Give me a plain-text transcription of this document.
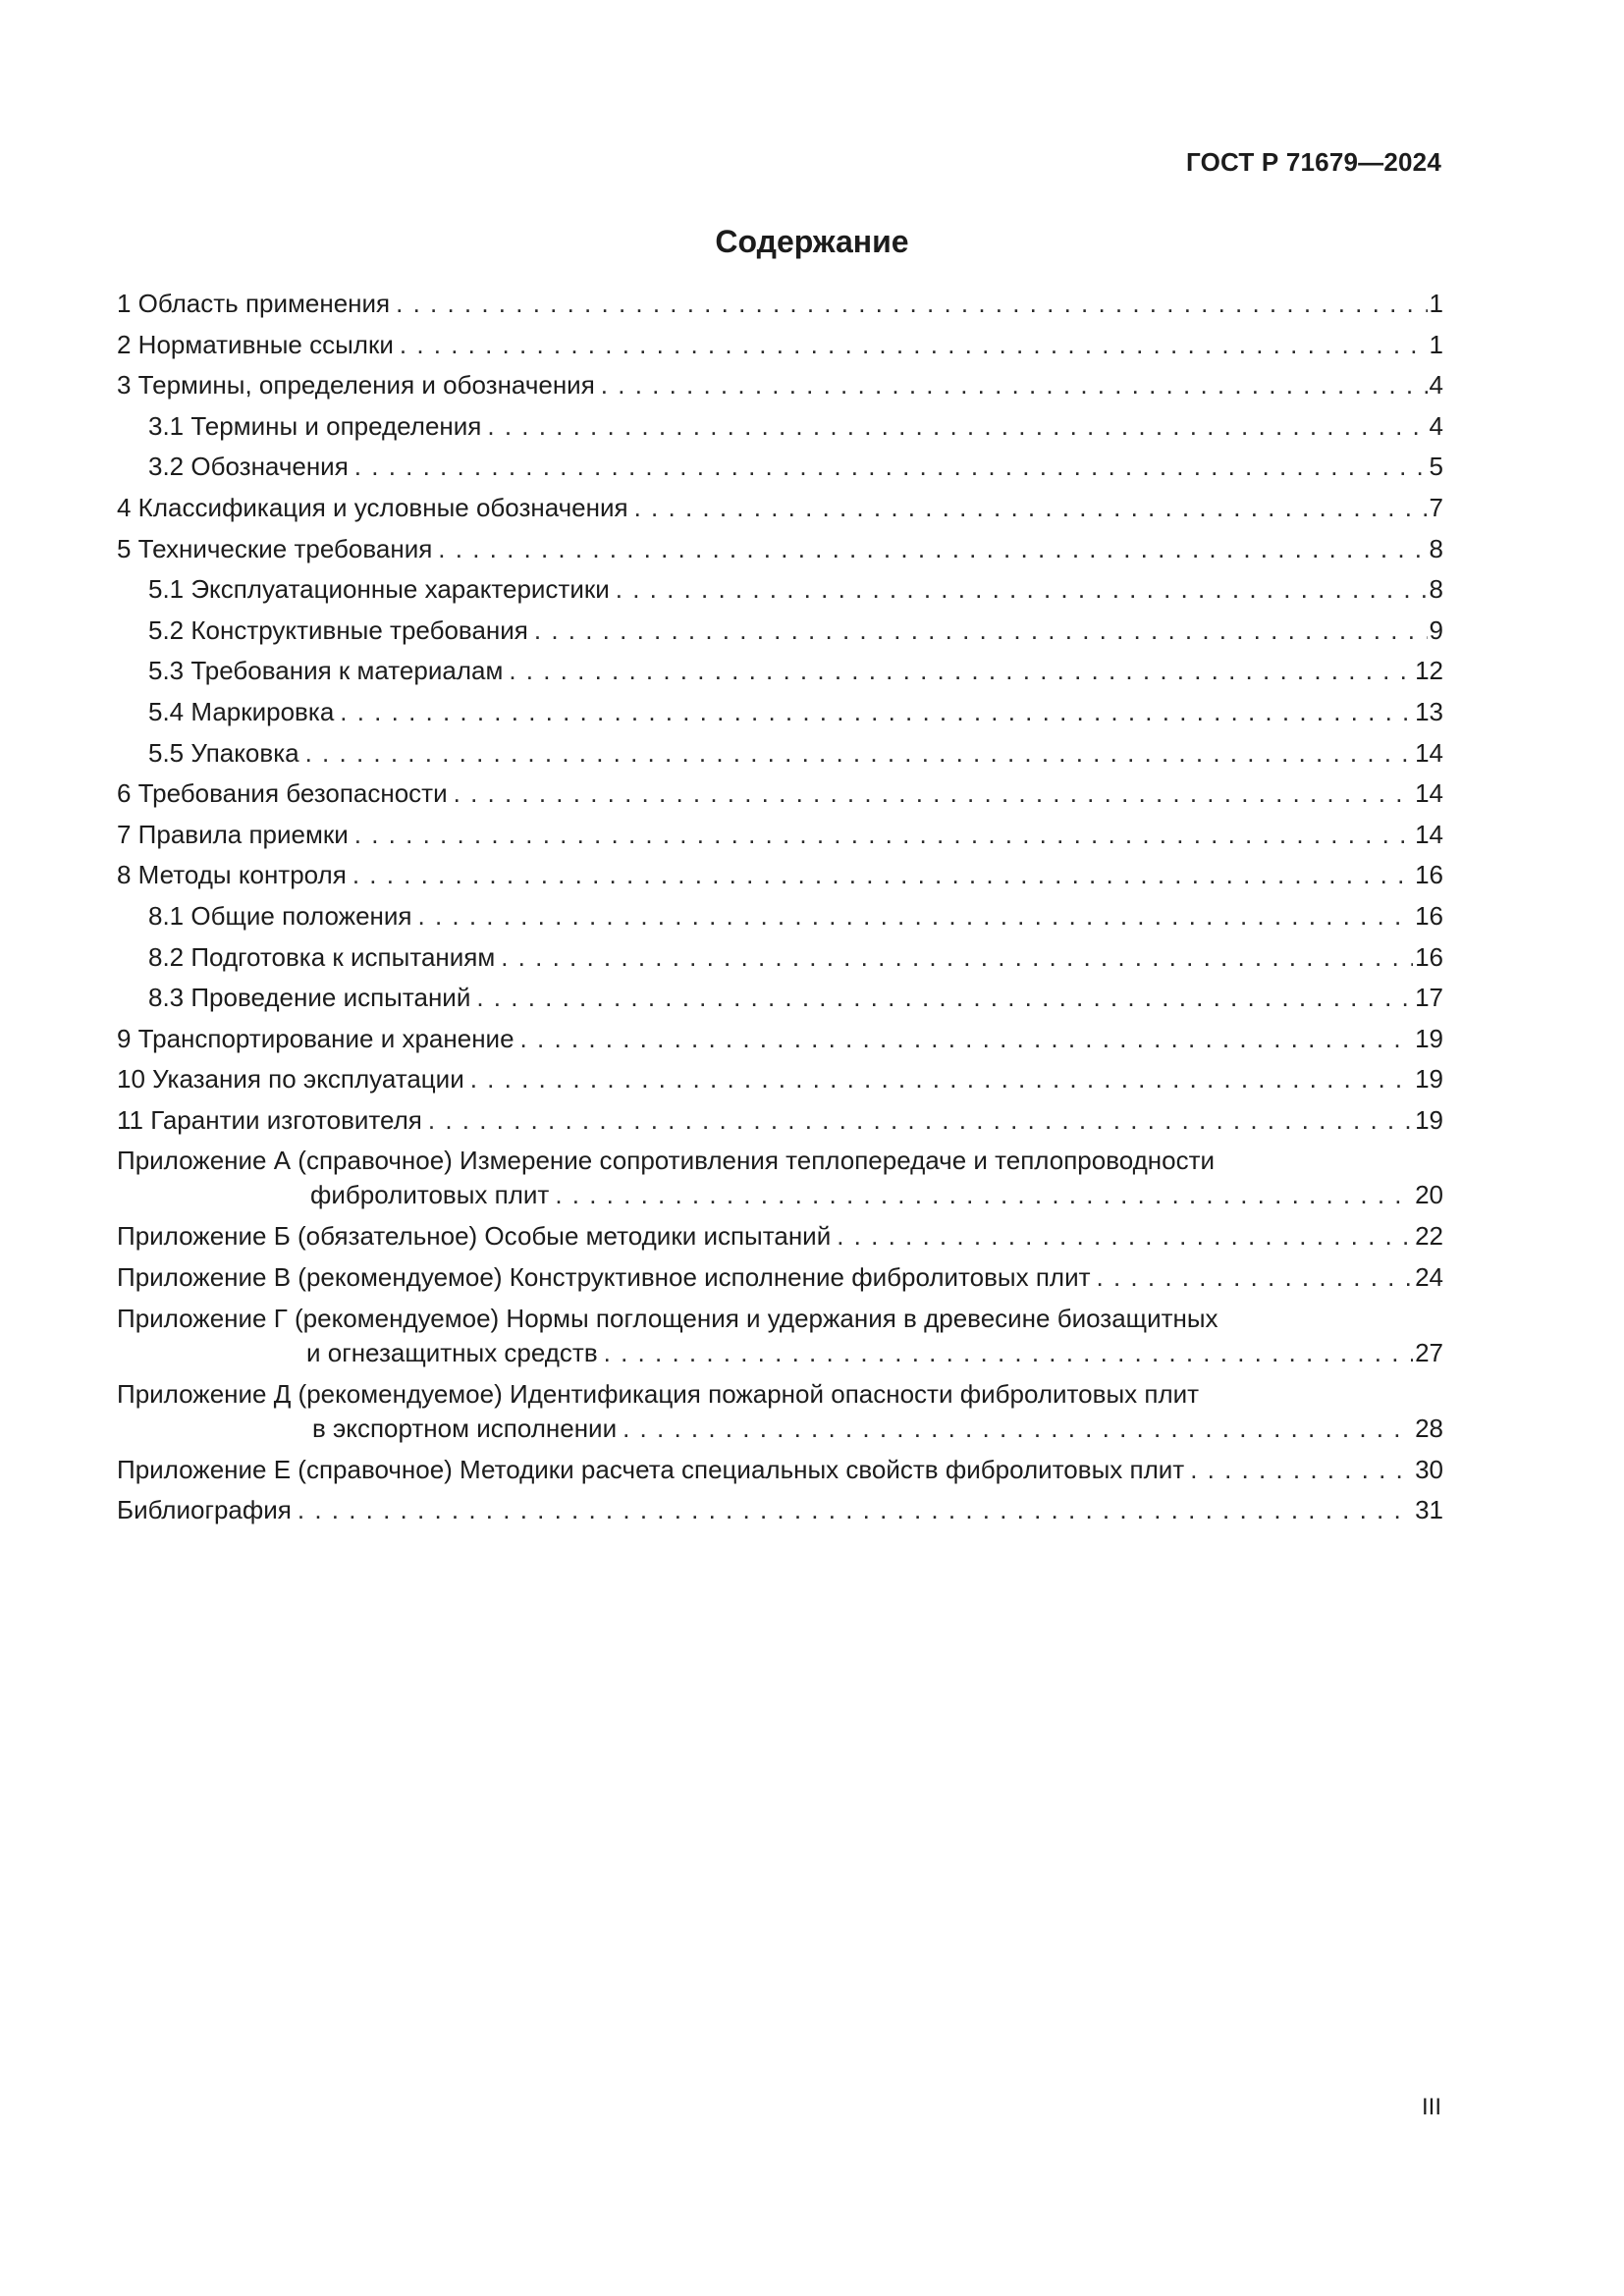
ГОСТ Р 71679—2024
Содержание
1 Область применения . . .	1
2 Нормативные ссылки . . .	1
3 Термины, определения и обозначения . . .	4
3.1 Термины и определения . . .	4
3.2 Обозначения . . .	5
4 Классификация и условные обозначения . . .	7
5 Технические требования . . .	8
5.1 Эксплуатационные характеристики . . .	8
5.2 Конструктивные требования . . .	9
5.3 Требования к материалам . . .	12
5.4 Маркировка . . .	13
5.5 Упаковка . . .	14
6 Требования безопасности . . .	14
7 Правила приемки . . .	14
8 Методы контроля . . .	16
8.1 Общие положения . . .	16
8.2 Подготовка к испытаниям . . .	16
8.3 Проведение испытаний . . .	17
9 Транспортирование и хранение . . .	19
10 Указания по эксплуатации . . .	19
11 Гарантии изготовителя . . .	19
Приложение А (справочное) Измерение сопротивления теплопередаче и теплопроводности
фибролитовых плит . . .	20
Приложение Б (обязательное) Особые методики испытаний . . .	22
Приложение В (рекомендуемое) Конструктивное исполнение фибролитовых плит . . .	24
Приложение Г (рекомендуемое) Нормы поглощения и удержания в древесине биозащитных
и огнезащитных средств . . .	27
Приложение Д (рекомендуемое) Идентификация пожарной опасности фибролитовых плит
в экспортном исполнении . . .	28
Приложение Е (справочное) Методики расчета специальных свойств фибролитовых плит . . .	30
Библиография . . .	31
III
